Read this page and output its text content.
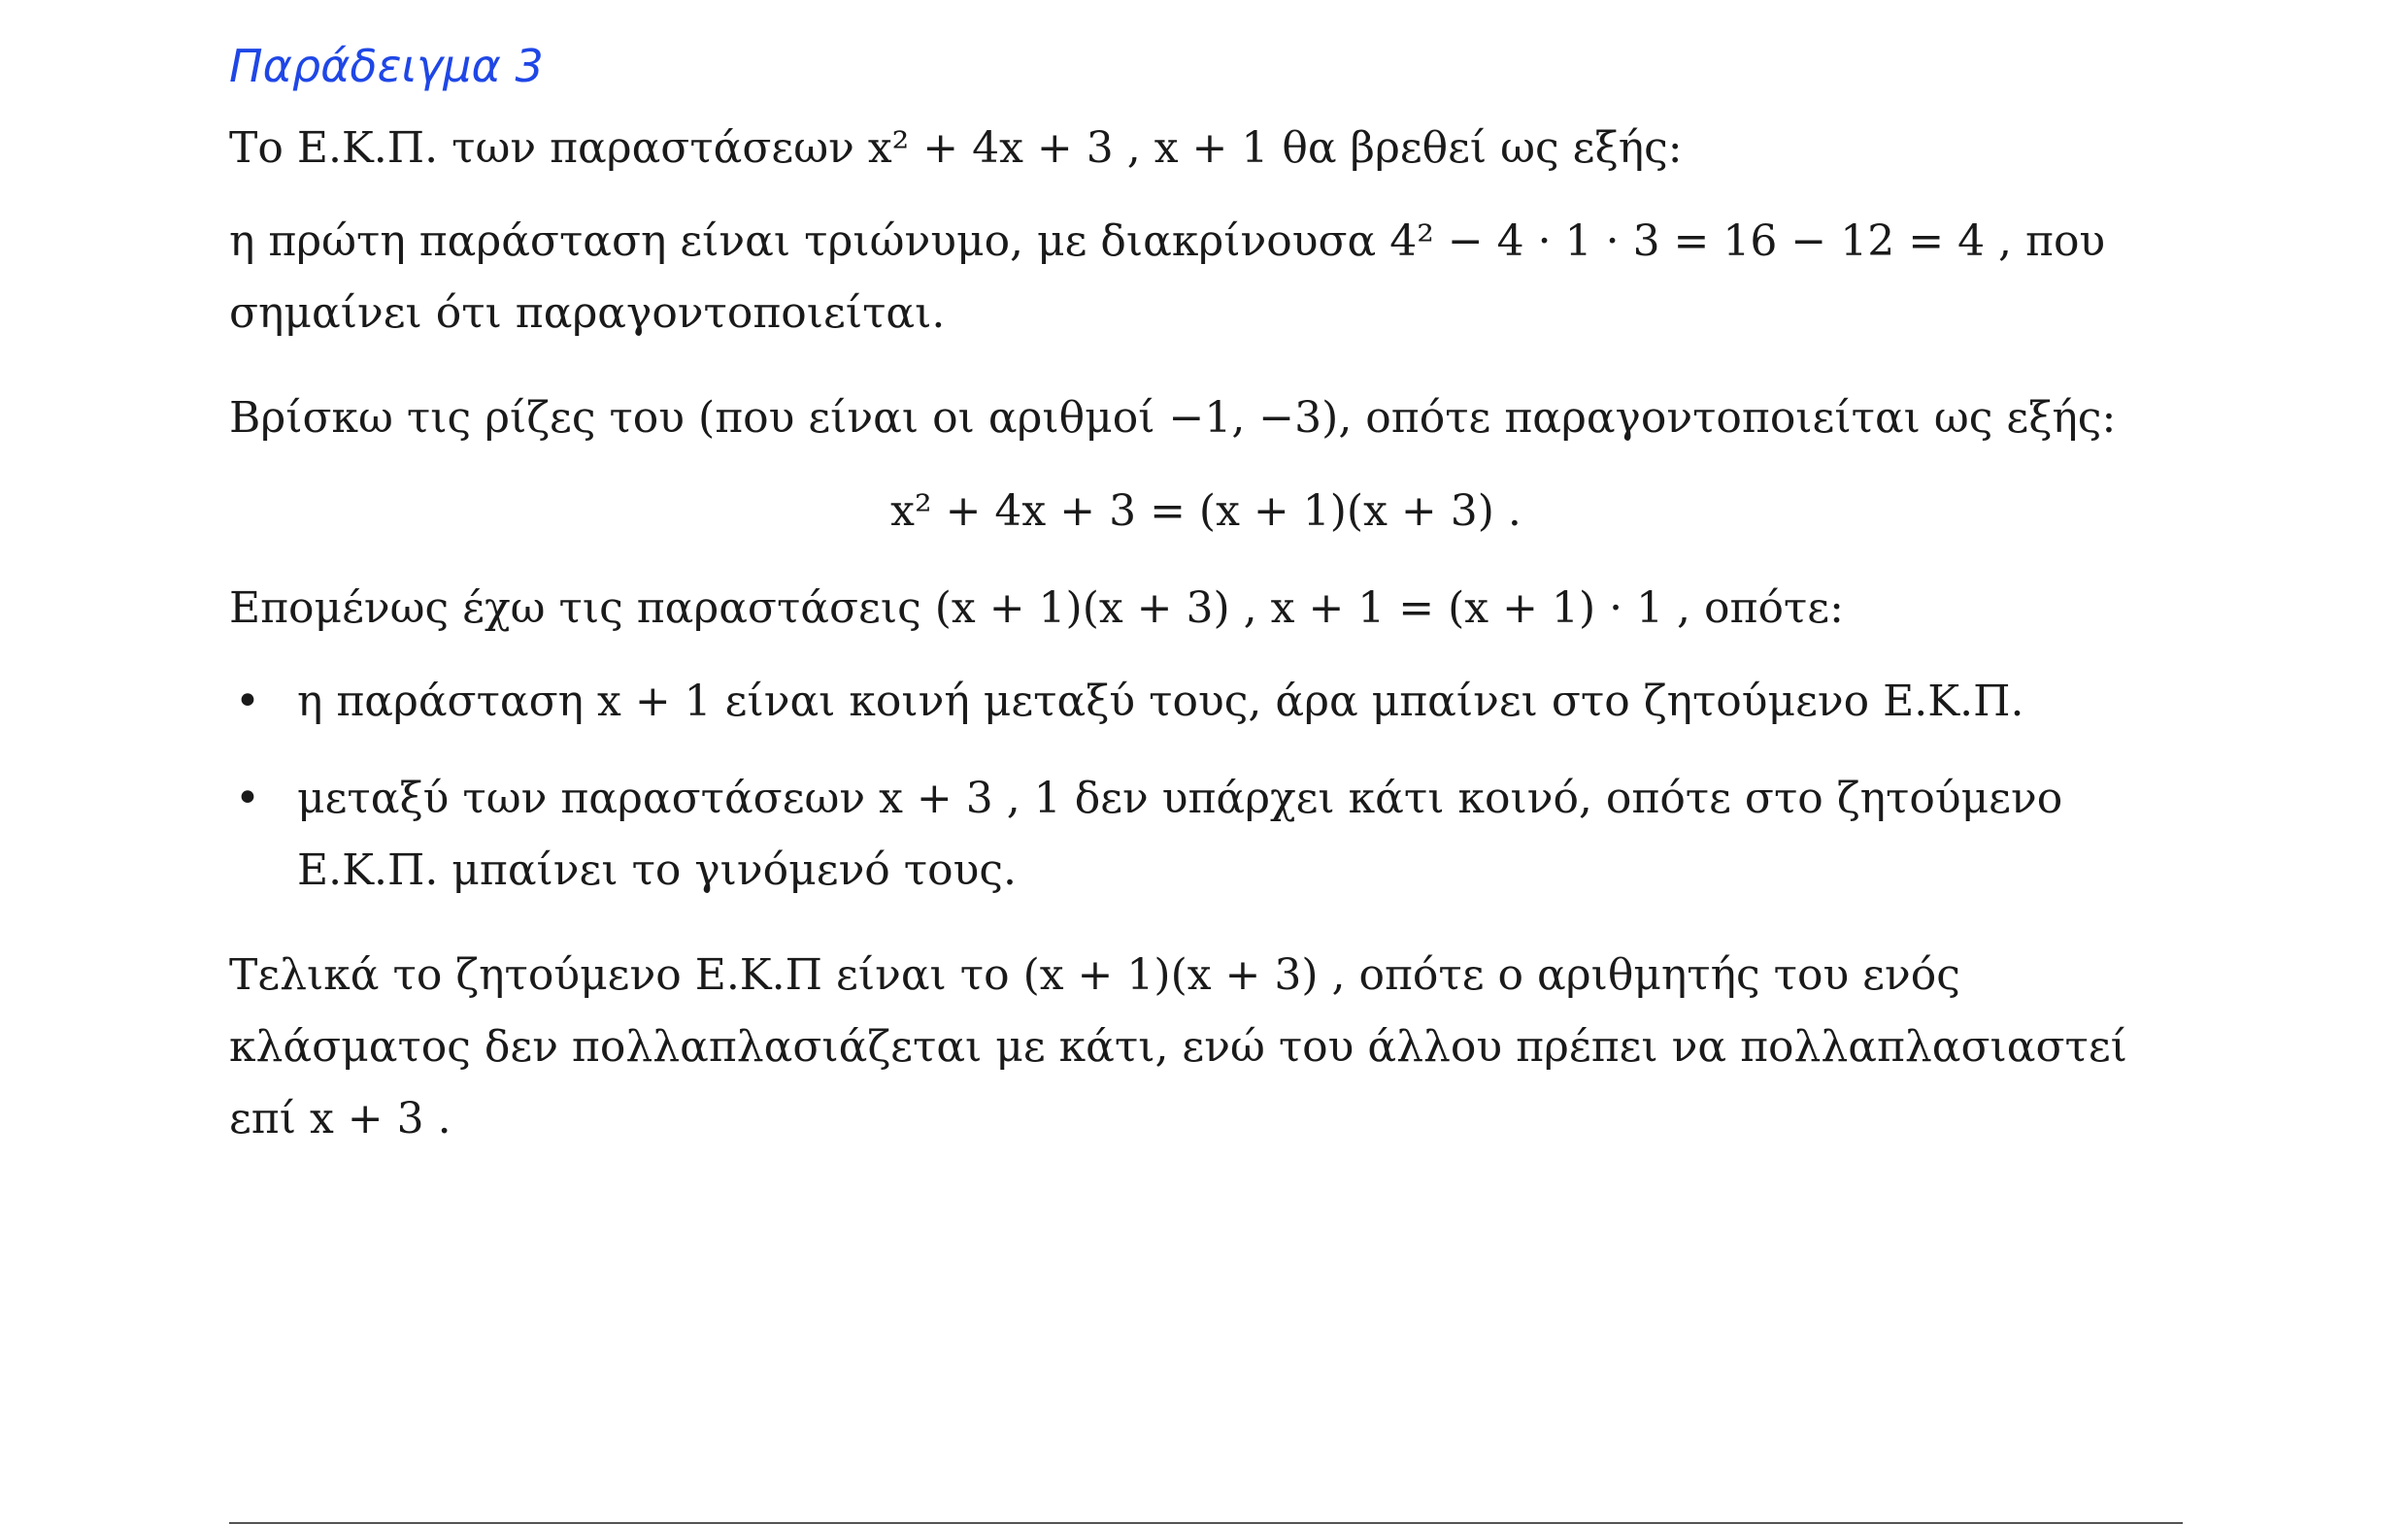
Παράδειγμα 3
Το Ε.Κ.Π. των παραστάσεων x² + 4x + 3 , x + 1 θα βρεθεί ως εξής:
η πρώτη παράσταση είναι τριώνυμο, με διακρίνουσα 4² − 4 · 1 · 3 = 16 − 12 = 4 , που σημαίνει ότι παραγοντοποιείται.
Βρίσκω τις ρίζες του (που είναι οι αριθμοί −1, −3), οπότε παραγοντοποιείται ως εξής:
x² + 4x + 3 = (x + 1)(x + 3) .
Επομένως έχω τις παραστάσεις (x + 1)(x + 3) , x + 1 = (x + 1) · 1 , οπότε:
• η παράσταση x + 1 είναι κοινή μεταξύ τους, άρα μπαίνει στο ζητούμενο Ε.Κ.Π.
• μεταξύ των παραστάσεων x + 3 , 1 δεν υπάρχει κάτι κοινό, οπότε στο ζητούμενο Ε.Κ.Π. μπαίνει το γινόμενό τους.
Τελικά το ζητούμενο Ε.Κ.Π είναι το (x + 1)(x + 3) , οπότε ο αριθμητής του ενός κλάσματος δεν πολλαπλασιάζεται με κάτι, ενώ του άλλου πρέπει να πολλαπλασιαστεί επί x + 3 .
